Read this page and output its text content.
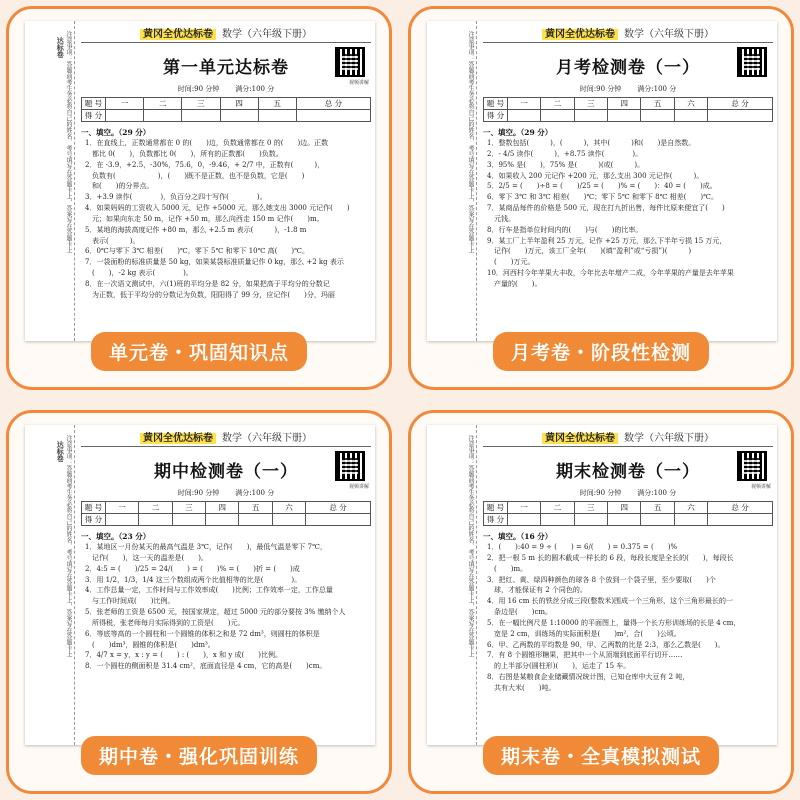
注意事项：答题前考生务必将自己的姓名、考号填写在答题卡上，答案写在答题卡上
达标卷
黄冈全优达标卷 数学（六年级下册）
第一单元达标卷
视频讲解
时间:90 分钟 满分:100 分
题 号	一	二	三	四	五	总 分
得 分						
一、填空。（29 分）
1．在直线上，正数通常都在 0 的(　　)边，负数通常都在 0 的(　　)边。正数
　都比 0(　　)，负数都比 0(　　)，所有的正数都(　　)负数。
2．在 -3.9，+2.5，-30%，75.6，0，-9.46，+ 2/7 中，正数有(　　　)，
　负数有(　　　　　　)，(　　)既不是正数，也不是负数，它是(　　)
　和(　　)的分界点。
3．+3.9 读作(　　　　)，负百分之四十写作(　　　　)。
4．如果妈妈的工资收入 5000 元，记作 +5000 元，那么她支出 3000 元记作(　　)
　元；如果向东走 50 m，记作 +50 m，那么向西走 150 m 记作(　　)m。
5．某地的海拔高度记作 +80 m，那么 +2.5 m 表示(　　　)，-1.8 m
　表示(　　　)。
6．0℃与零下 3℃ 相差(　　)℃，零下 5℃ 和零下 10℃ 高(　　)℃。
7．一袋面粉的标准质量是 50 kg，如果某袋标准质量记作 0 kg，那么 +2 kg 表示
　(　　)，-2 kg 表示(　　　　)。
8．在一次语文测试中，六(1)班的平均分是 82 分，如果把高于平均分的分数记
　为正数，低于平均分的分数记为负数，阳阳得了 99 分，应记作(　　)分，玛丽
单元卷・巩固知识点
注意事项：答题前考生务必将自己的姓名、考号填写在答题卡上，答案写在答题卡上	黄冈全优达标卷 数学（六年级下册）
月考检测卷（一）
时间:90 分钟 满分:100 分
题 号	一	二	三	四	五	六	总 分
得 分							
一、填空。（29 分）
1．整数包括(　　　)，(　　　)，其中(　　　)和(　　)是自然数。
2．- 4/5 读作(　　　)，+8.75 读作(　　　　)。
3．95% 是(　　)，75% 是(　　　)(或(　　　)。
4．如果收入 200 元记作 +200 元，那么支出 300 元记作(　　　)。
5．2/5 = (　　)÷8 = (　　)/25 = (　　)% = (　　)：40 = (　　)成。
6．零下 3℃ 和 3℃ 相差(　　)℃；零下 5℃ 和零下 8℃ 相差(　　)℃。
7．某商品每件的价格是 500 元，现在打九折出售，每件比原来便宜了(　　)
　元钱。
8．行车是指单位时间内的(　　)与(　　)的比率。
9．某工厂上半年盈利 25 万元，记作 +25 万元，那么下半年亏损 15 万元，
　记作(　　)万元，该工厂全年(　　)(填“盈利”或“亏损”)(　　　)
　(　　)万元。
10．河西村今年苹果大丰收，今年比去年增产二成，今年苹果的产量是去年苹果
　产量的(　　)。
月考卷・阶段性检测
注意事项：答题前考生务必将自己的姓名、考号填写在答题卡上，答案写在答题卡上
达标卷
黄冈全优达标卷 数学（六年级下册）
期中检测卷（一）
视频讲解
时间:90 分钟 满分:100 分
题 号	一	二	三	四	五	六	总 分
得 分							
一、填空。（23 分）
1．某地区一月份某天的最高气温是 3℃，记作(　　)，最低气温是零下 7℃，
　记作(　　)，这一天的温差是(　　)。
2．4:5 = (　　)/25 = 24/(　　) = (　　)% = (　　)折 = (　　)成
3．用 1/2，1/3，1/4 这三个数组成两个比值相等的比是(　　　　)。
4．工作总量一定，工作时间与工作效率成(　　)比例；工作效率一定，工作总量
　与工作时间成(　　)比例。
5．张老师的工资是 6500 元，按国家规定，超过 5000 元的部分要按 3% 缴纳个人
　所得税，张老师每月实际得到的工资是(　　)元。
6．等底等高的一个圆柱和一个圆锥的体积之和是 72 dm³，则圆柱的体积是
　(　　)dm³，圆锥的体积是(　　)dm³。
7．4/7 x = y，x : y = (　　) : (　　)，x 和 y 成(　　)比例。
8．一个圆柱的侧面积是 31.4 cm²，底面直径是 4 cm，它的高是(　　)cm。
期中卷・强化巩固训练
注意事项：答题前考生务必将自己的姓名、考号填写在答题卡上，答案写在答题卡上	黄冈全优达标卷 数学（六年级下册）
期末检测卷（一）
视频讲解
时间:90 分钟 满分:100 分
题 号	一	二	三	四	五	六	总 分
得 分							
一、填空。（16 分）
1．(　　):40 = 9 ÷ (　　) = 6/(　　) = 0.375 = (　　)%
2．把一根 5 m 长的圆木截成一样长的 6 段，每段长度是全长的(　　)，每段长
　(　　)m。
3．把红、黄、绿四种颜色的球各 8 个放到一个袋子里，至少要取(　　)个
　球，才能保证有 2 个同色的。
4．用 16 cm 长的铁丝分成三段(整数米)围成一个三角形，这个三角形最长的一
　条边是(　　)cm。
5．在一幅比例尺是 1:10000 的平面图上，量得一个长方形训练场的长是 4 cm，
　宽是 2 cm，训练场的实际面积是(　　)m²，合(　　)公顷。
6．甲、乙两数的平均数是 90，甲、乙两数的比是 2:3，那么乙数是(　　)。
7．有 8 个圆锥形糖果，把其中一个从顶端到底面平行切开……
　的上半部分(圆柱形)(　　)，运走了 15 车。
8．右图是某粮食企业储藏情况统计图，已知仓库中大豆有 2 吨，
　共有大米(　　)吨。
期末卷・全真模拟测试
